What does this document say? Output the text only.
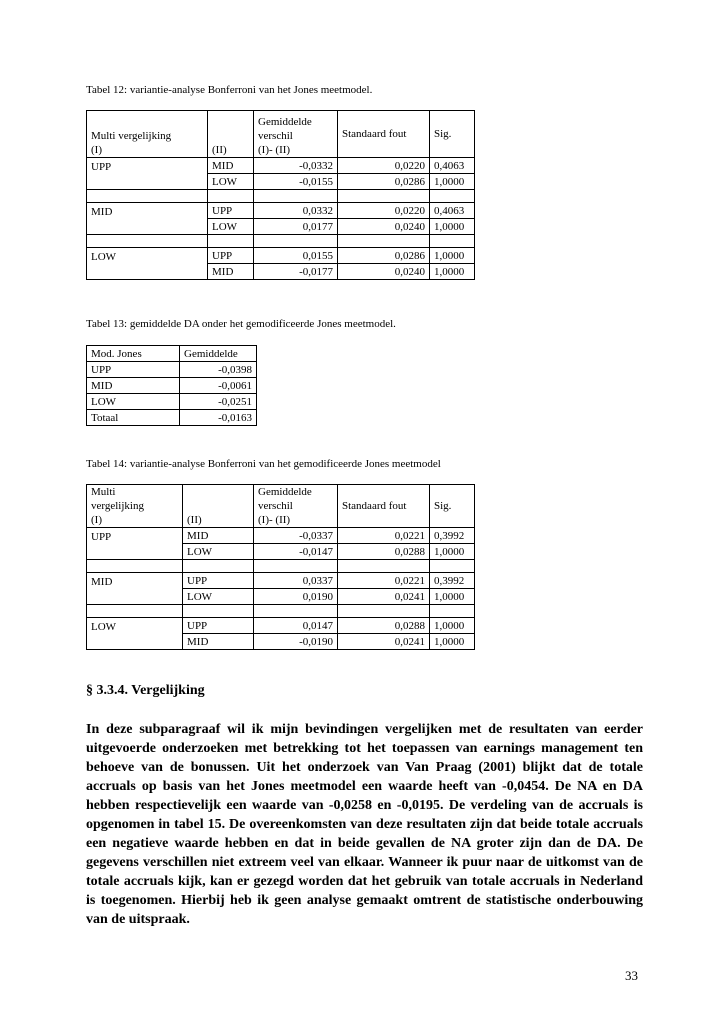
Tabel 12: variantie-analyse Bonferroni van het Jones meetmodel.
Multi vergelijking
(I)	(II)	Gemiddelde
verschil
(I)- (II)	Standaard fout	Sig.
UPP	MID	-0,0332	0,0220	0,4063
	LOW	-0,0155	0,0286	1,0000

MID	UPP	0,0332	0,0220	0,4063
	LOW	0,0177	0,0240	1,0000

LOW	UPP	0,0155	0,0286	1,0000
	MID	-0,0177	0,0240	1,0000
Tabel 13: gemiddelde DA onder het gemodificeerde Jones meetmodel.
Mod. Jones	Gemiddelde
UPP	-0,0398
MID	-0,0061
LOW	-0,0251
Totaal	-0,0163
Tabel 14: variantie-analyse Bonferroni van het gemodificeerde Jones meetmodel
Multi
vergelijking
(I)	(II)	Gemiddelde
verschil
(I)- (II)	Standaard fout	Sig.
UPP	MID	-0,0337	0,0221	0,3992
	LOW	-0,0147	0,0288	1,0000

MID	UPP	0,0337	0,0221	0,3992
	LOW	0,0190	0,0241	1,0000

LOW	UPP	0,0147	0,0288	1,0000
	MID	-0,0190	0,0241	1,0000
§ 3.3.4. Vergelijking

In deze subparagraaf wil ik mijn bevindingen vergelijken met de resultaten van eerder uitgevoerde onderzoeken met betrekking tot het toepassen van earnings management ten behoeve van de bonussen. Uit het onderzoek van Van Praag (2001) blijkt dat de totale accruals op basis van het Jones meetmodel een waarde heeft van -0,0454. De NA en DA hebben respectievelijk een waarde van -0,0258 en -0,0195. De verdeling van de accruals is opgenomen in tabel 15. De overeenkomsten van deze resultaten zijn dat beide totale accruals een negatieve waarde hebben en dat in beide gevallen de NA groter zijn dan de DA. De gegevens verschillen niet extreem veel van elkaar. Wanneer ik puur naar de uitkomst van de totale accruals kijk, kan er gezegd worden dat het gebruik van totale accruals in Nederland is toegenomen. Hierbij heb ik geen analyse gemaakt omtrent de statistische onderbouwing van de uitspraak.

33
